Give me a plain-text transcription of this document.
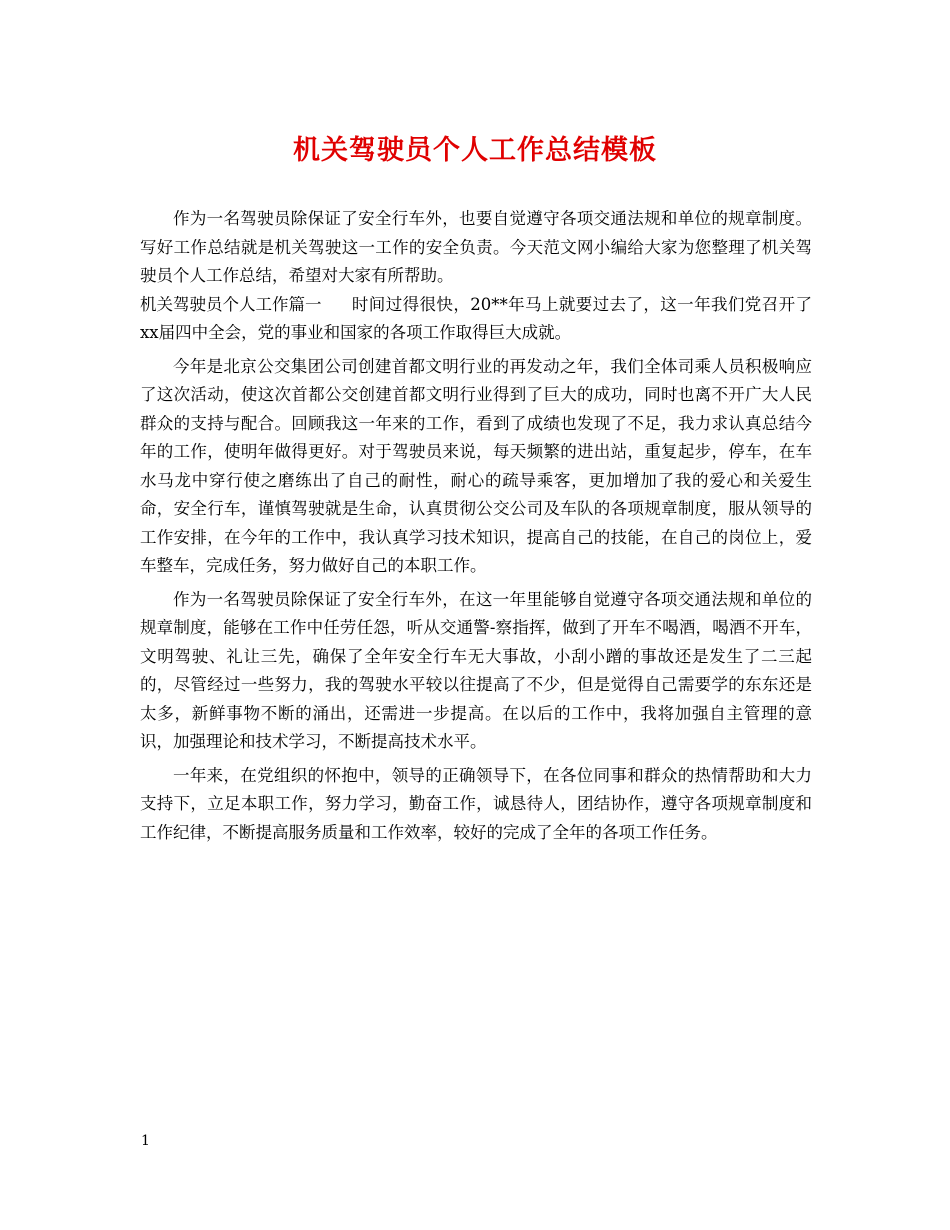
机关驾驶员个人工作总结模板

作为一名驾驶员除保证了安全行车外，也要自觉遵守各项交通法规和单位的规章制度。写好工作总结就是机关驾驶这一工作的安全负责。今天范文网小编给大家为您整理了机关驾驶员个人工作总结，希望对大家有所帮助。

机关驾驶员个人工作篇一 时间过得很快，20**年马上就要过去了，这一年我们党召开了xx届四中全会，党的事业和国家的各项工作取得巨大成就。

今年是北京公交集团公司创建首都文明行业的再发动之年，我们全体司乘人员积极响应了这次活动，使这次首都公交创建首都文明行业得到了巨大的成功，同时也离不开广大人民群众的支持与配合。回顾我这一年来的工作，看到了成绩也发现了不足，我力求认真总结今年的工作，使明年做得更好。对于驾驶员来说，每天频繁的进出站，重复起步，停车，在车水马龙中穿行使之磨练出了自己的耐性，耐心的疏导乘客，更加增加了我的爱心和关爱生命，安全行车，谨慎驾驶就是生命，认真贯彻公交公司及车队的各项规章制度，服从领导的工作安排，在今年的工作中，我认真学习技术知识，提高自己的技能，在自己的岗位上，爱车整车，完成任务，努力做好自己的本职工作。

作为一名驾驶员除保证了安全行车外，在这一年里能够自觉遵守各项交通法规和单位的规章制度，能够在工作中任劳任怨，听从交通警-察指挥，做到了开车不喝酒，喝酒不开车，文明驾驶、礼让三先，确保了全年安全行车无大事故，小刮小蹭的事故还是发生了二三起的，尽管经过一些努力，我的驾驶水平较以往提高了不少，但是觉得自己需要学的东东还是太多，新鲜事物不断的涌出，还需进一步提高。在以后的工作中，我将加强自主管理的意识，加强理论和技术学习，不断提高技术水平。

一年来，在党组织的怀抱中，领导的正确领导下，在各位同事和群众的热情帮助和大力支持下，立足本职工作，努力学习，勤奋工作，诚恳待人，团结协作，遵守各项规章制度和工作纪律，不断提高服务质量和工作效率，较好的完成了全年的各项工作任务。

1
